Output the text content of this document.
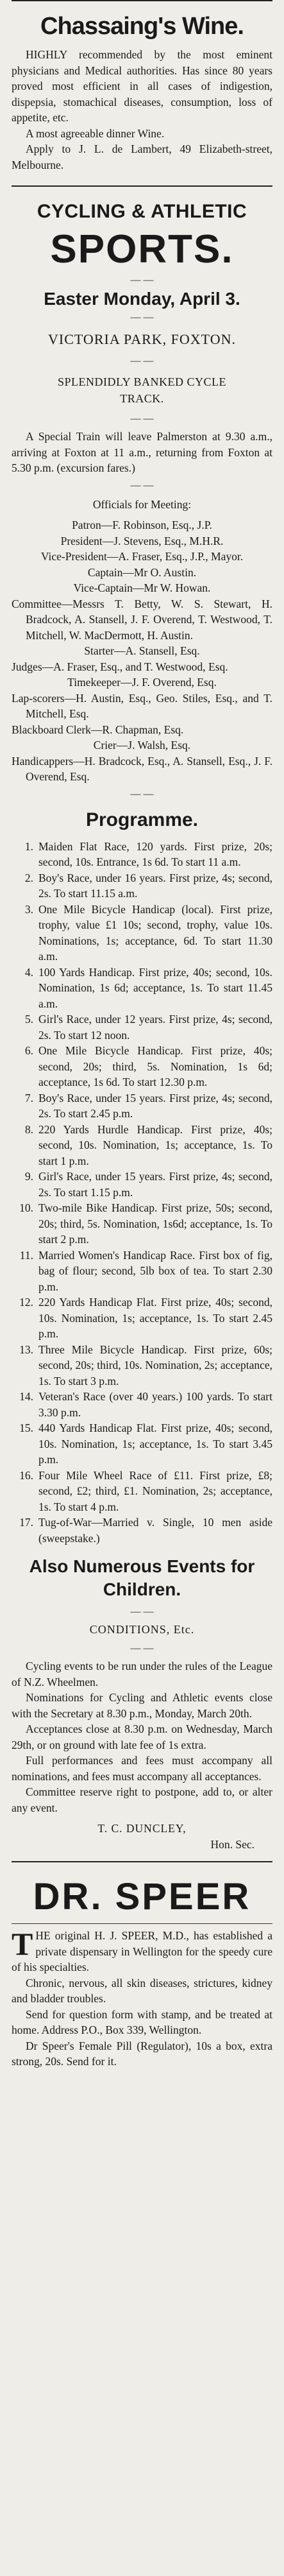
Chassaing's Wine.

HIGHLY recommended by the most eminent physicians and Medical authorities. Has since 80 years proved most efficient in all cases of indigestion, dispepsia, stomachical diseases, consumption, loss of appetite, etc.

A most agreeable dinner Wine.

Apply to J. L. de Lambert, 49 Elizabeth-street, Melbourne.

CYCLING & ATHLETIC
SPORTS.
— —
Easter Monday, April 3.
— —
VICTORIA PARK, FOXTON.
— —
SPLENDIDLY BANKED CYCLE
TRACK.
— —

A Special Train will leave Palmerston at 9.30 a.m., arriving at Foxton at 11 a.m., returning from Foxton at 5.30 p.m. (excursion fares.)

— —

Officials for Meeting:

Patron—F. Robinson, Esq., J.P.

President—J. Stevens, Esq., M.H.R.

Vice-President—A. Fraser, Esq., J.P., Mayor.

Captain—Mr O. Austin.

Vice-Captain—Mr W. Howan.

Committee—Messrs T. Betty, W. S. Stewart, H. Bradcock, A. Stansell, J. F. Overend, T. Westwood, T. Mitchell, W. MacDermott, H. Austin.

Starter—A. Stansell, Esq.

Judges—A. Fraser, Esq., and T. Westwood, Esq.

Timekeeper—J. F. Overend, Esq.

Lap-scorers—H. Austin, Esq., Geo. Stiles, Esq., and T. Mitchell, Esq.

Blackboard Clerk—R. Chapman, Esq.

Crier—J. Walsh, Esq.

Handicappers—H. Bradcock, Esq., A. Stansell, Esq., J. F. Overend, Esq.

— —
Programme.
1. Maiden Flat Race, 120 yards. First prize, 20s; second, 10s. Entrance, 1s 6d. To start 11 a.m.
2. Boy's Race, under 16 years. First prize, 4s; second, 2s. To start 11.15 a.m.
3. One Mile Bicycle Handicap (local). First prize, trophy, value £1 10s; second, trophy, value 10s. Nominations, 1s; acceptance, 6d. To start 11.30 a.m.
4. 100 Yards Handicap. First prize, 40s; second, 10s. Nomination, 1s 6d; acceptance, 1s. To start 11.45 a.m.
5. Girl's Race, under 12 years. First prize, 4s; second, 2s. To start 12 noon.
6. One Mile Bicycle Handicap. First prize, 40s; second, 20s; third, 5s. Nomination, 1s 6d; acceptance, 1s 6d. To start 12.30 p.m.
7. Boy's Race, under 15 years. First prize, 4s; second, 2s. To start 2.45 p.m.
8. 220 Yards Hurdle Handicap. First prize, 40s; second, 10s. Nomination, 1s; acceptance, 1s. To start 1 p.m.
9. Girl's Race, under 15 years. First prize, 4s; second, 2s. To start 1.15 p.m.
10. Two-mile Bike Handicap. First prize, 50s; second, 20s; third, 5s. Nomination, 1s6d; acceptance, 1s. To start 2 p.m.
11. Married Women's Handicap Race. First box of fig, bag of flour; second, 5lb box of tea. To start 2.30 p.m.
12. 220 Yards Handicap Flat. First prize, 40s; second, 10s. Nomination, 1s; acceptance, 1s. To start 2.45 p.m.
13. Three Mile Bicycle Handicap. First prize, 60s; second, 20s; third, 10s. Nomination, 2s; acceptance, 1s. To start 3 p.m.
14. Veteran's Race (over 40 years.) 100 yards. To start 3.30 p.m.
15. 440 Yards Handicap Flat. First prize, 40s; second, 10s. Nomination, 1s; acceptance, 1s. To start 3.45 p.m.
16. Four Mile Wheel Race of £11. First prize, £8; second, £2; third, £1. Nomination, 2s; acceptance, 1s. To start 4 p.m.
17. Tug-of-War—Married v. Single, 10 men aside (sweepstake.)
Also Numerous Events for Children.
— —
CONDITIONS, Etc.
— —

Cycling events to be run under the rules of the League of N.Z. Wheelmen.

Nominations for Cycling and Athletic events close with the Secretary at 8.30 p.m., Monday, March 20th.

Acceptances close at 8.30 p.m. on Wednesday, March 29th, or on ground with late fee of 1s extra.

Full performances and fees must accompany all nominations, and fees must accompany all acceptances.

Committee reserve right to postpone, add to, or alter any event.

T. C. DUNCLEY,
Hon. Sec.
DR. SPEER

THE original H. J. SPEER, M.D., has established a private dispensary in Wellington for the speedy cure of his specialties.

Chronic, nervous, all skin diseases, strictures, kidney and bladder troubles.

Send for question form with stamp, and be treated at home. Address P.O., Box 339, Wellington.

Dr Speer's Female Pill (Regulator), 10s a box, extra strong, 20s. Send for it.
